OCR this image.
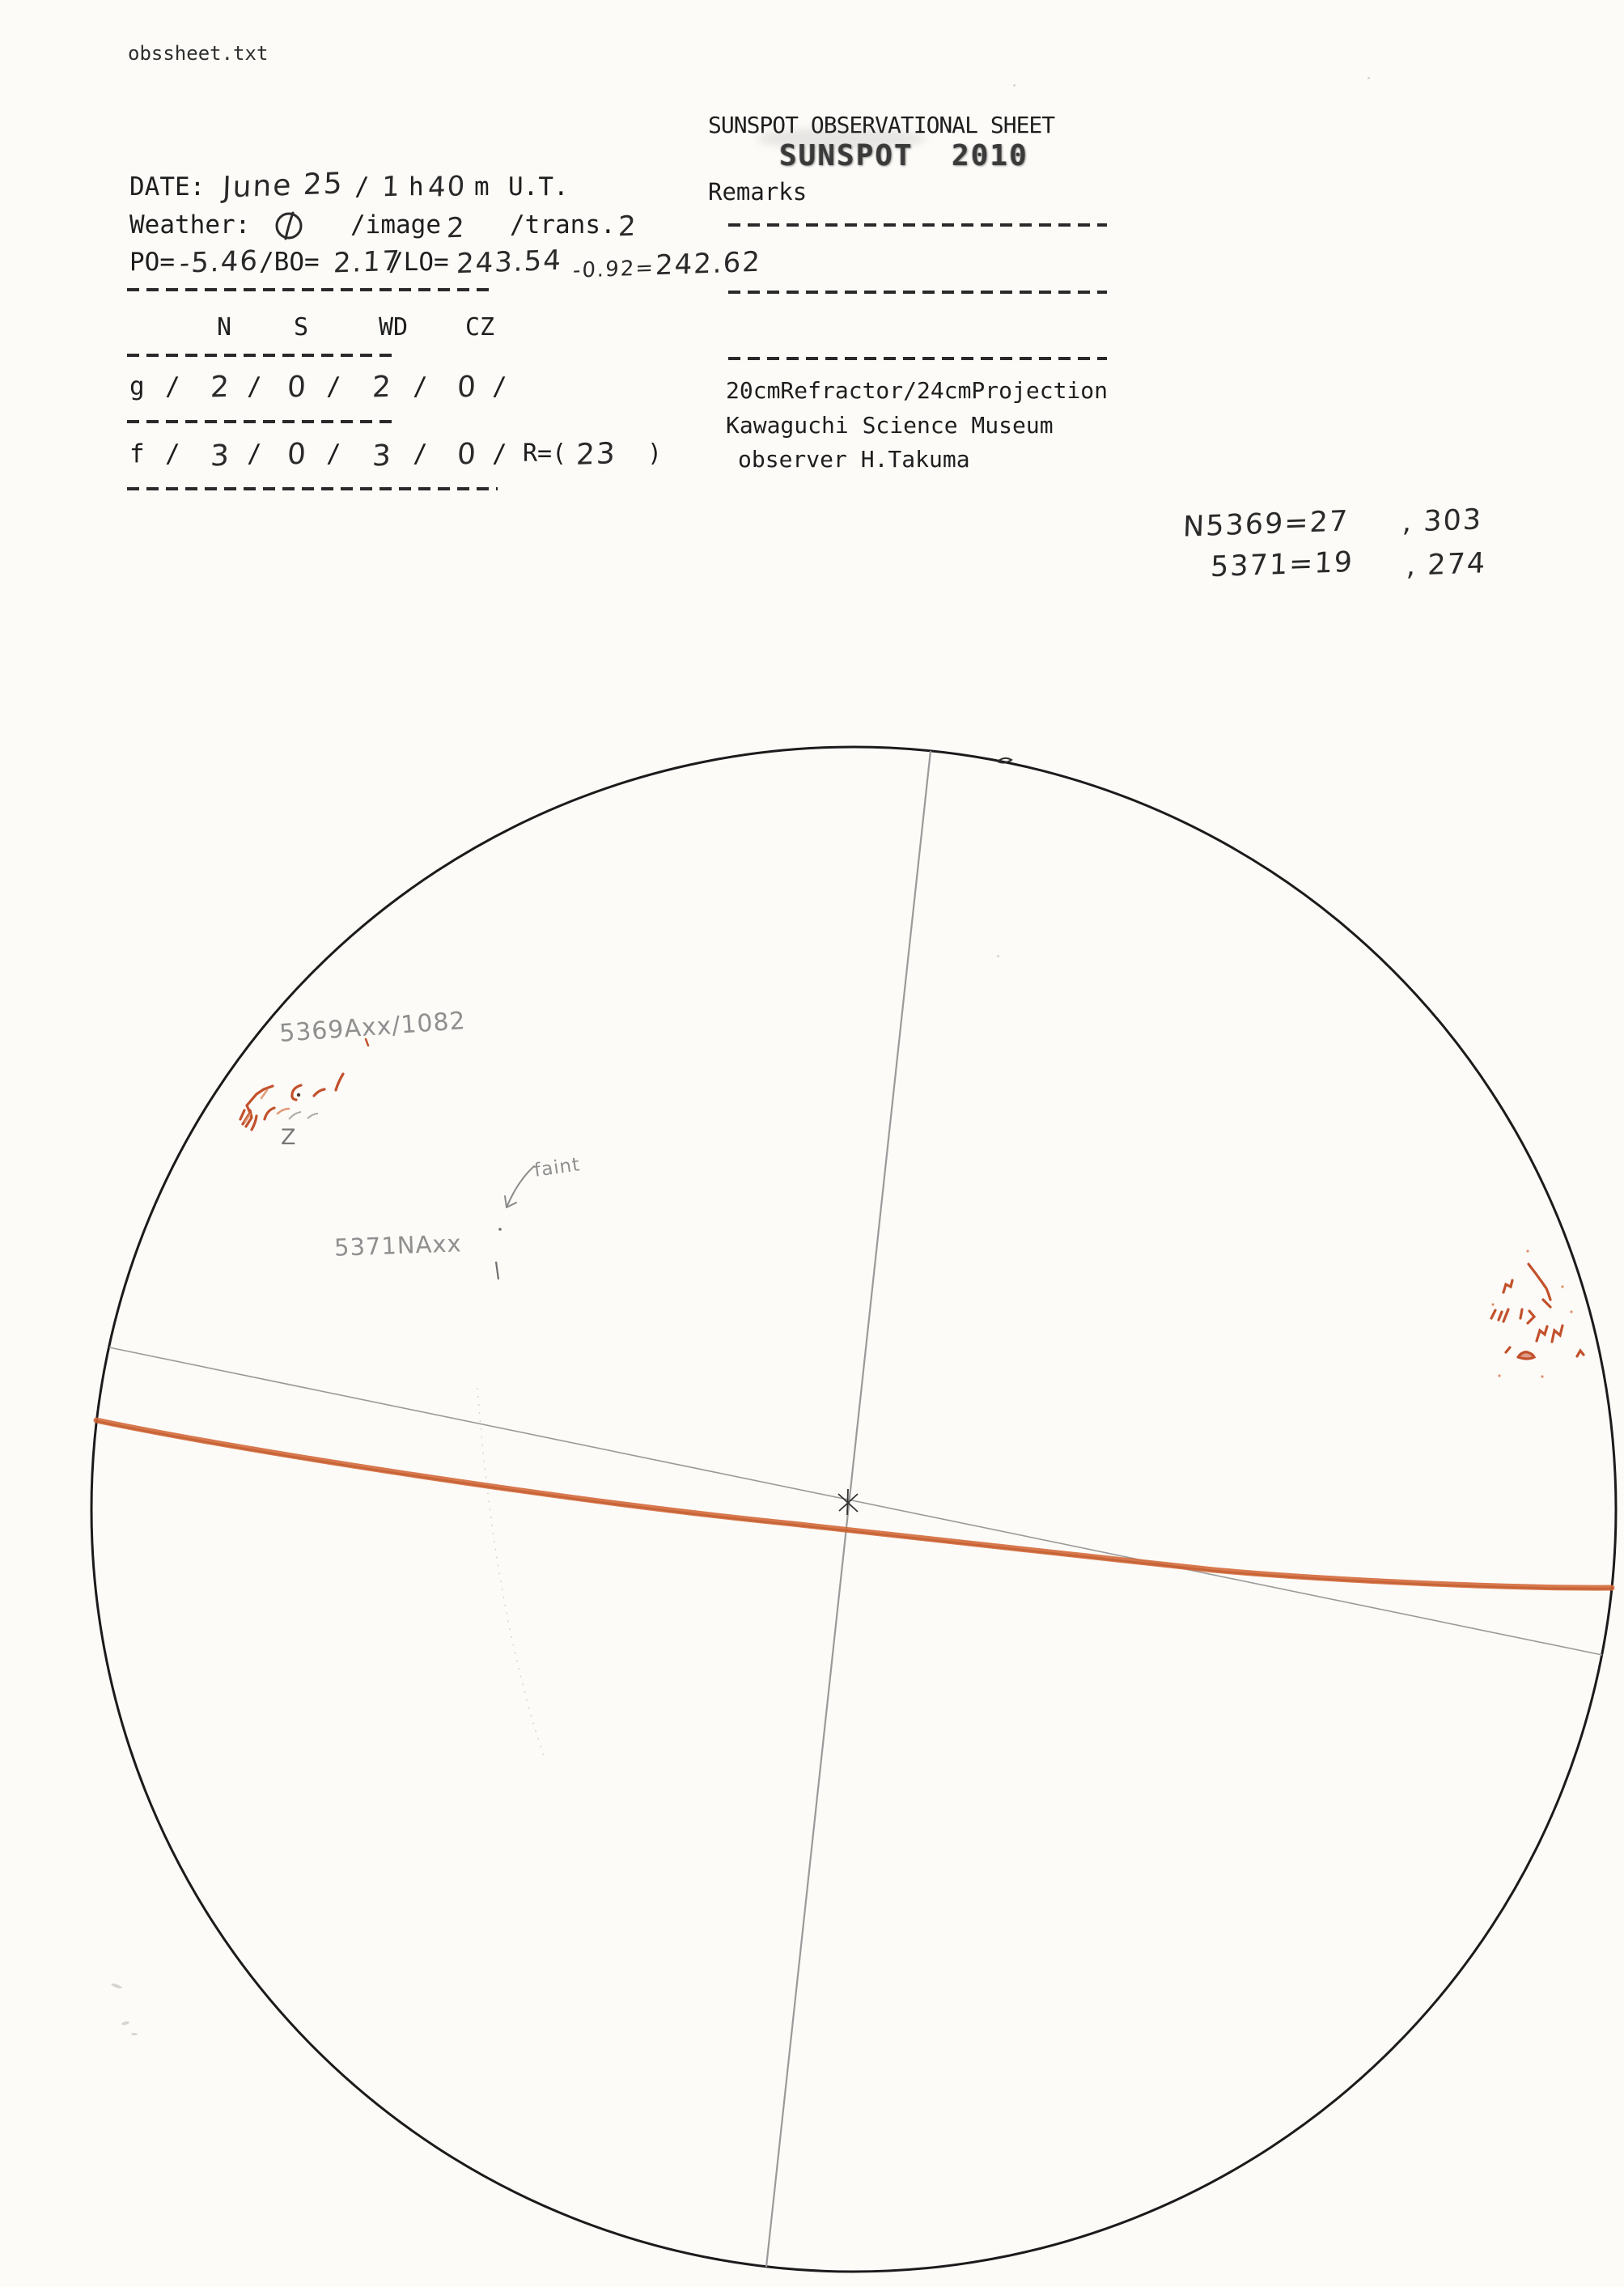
obssheet.txt
SUNSPOT OBSERVATIONAL SHEET
SUNSPOT  2010
Remarks
DATE: June 25 / 1 h 40 m U.T.
Weather:	/image 2 /trans. 2
PO= -5.46 /BO= 2.17
/LO= 243.54 -0.92= 242.62
N	S	WD CZ
g / 2 / 0 / 2 / 0 /
f / 3 / 0 / 3 / 0 / R=( 23 )
20cmRefractor/24cmProjection
Kawaguchi Science Museum
observer H.Takuma
N5369=27 , 303
5371=19 , 274
5369Axx/1082
Z
faint
5371NAxx
